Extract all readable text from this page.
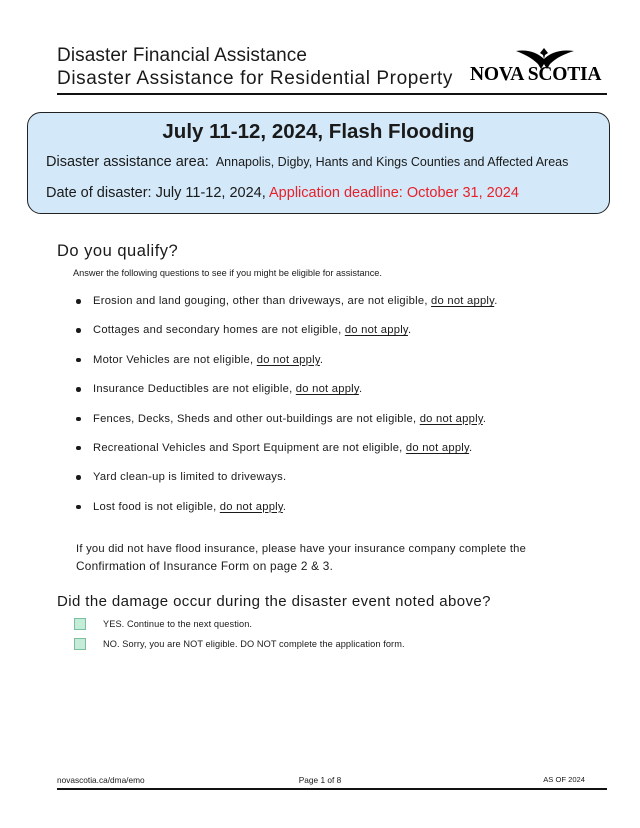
Disaster Financial Assistance
Disaster Assistance for Residential Property NOVA SCOTIA
July 11-12, 2024, Flash Flooding
Disaster assistance area: Annapolis, Digby, Hants and Kings Counties and Affected Areas
Date of disaster: July 11-12, 2024, Application deadline: October 31, 2024
Do you qualify?
Answer the following questions to see if you might be eligible for assistance.
Erosion and land gouging, other than driveways, are not eligible, do not apply.
Cottages and secondary homes are not eligible, do not apply.
Motor Vehicles are not eligible, do not apply.
Insurance Deductibles are not eligible, do not apply.
Fences, Decks, Sheds and other out-buildings are not eligible, do not apply.
Recreational Vehicles and Sport Equipment are not eligible, do not apply.
Yard clean-up is limited to driveways.
Lost food is not eligible, do not apply.
If you did not have flood insurance, please have your insurance company complete the
Confirmation of Insurance Form on page 2 & 3.
Did the damage occur during the disaster event noted above?
YES. Continue to the next question.
NO. Sorry, you are NOT eligible. DO NOT complete the application form.
novascotia.ca/dma/emo	Page 1 of 8	AS OF 2024
